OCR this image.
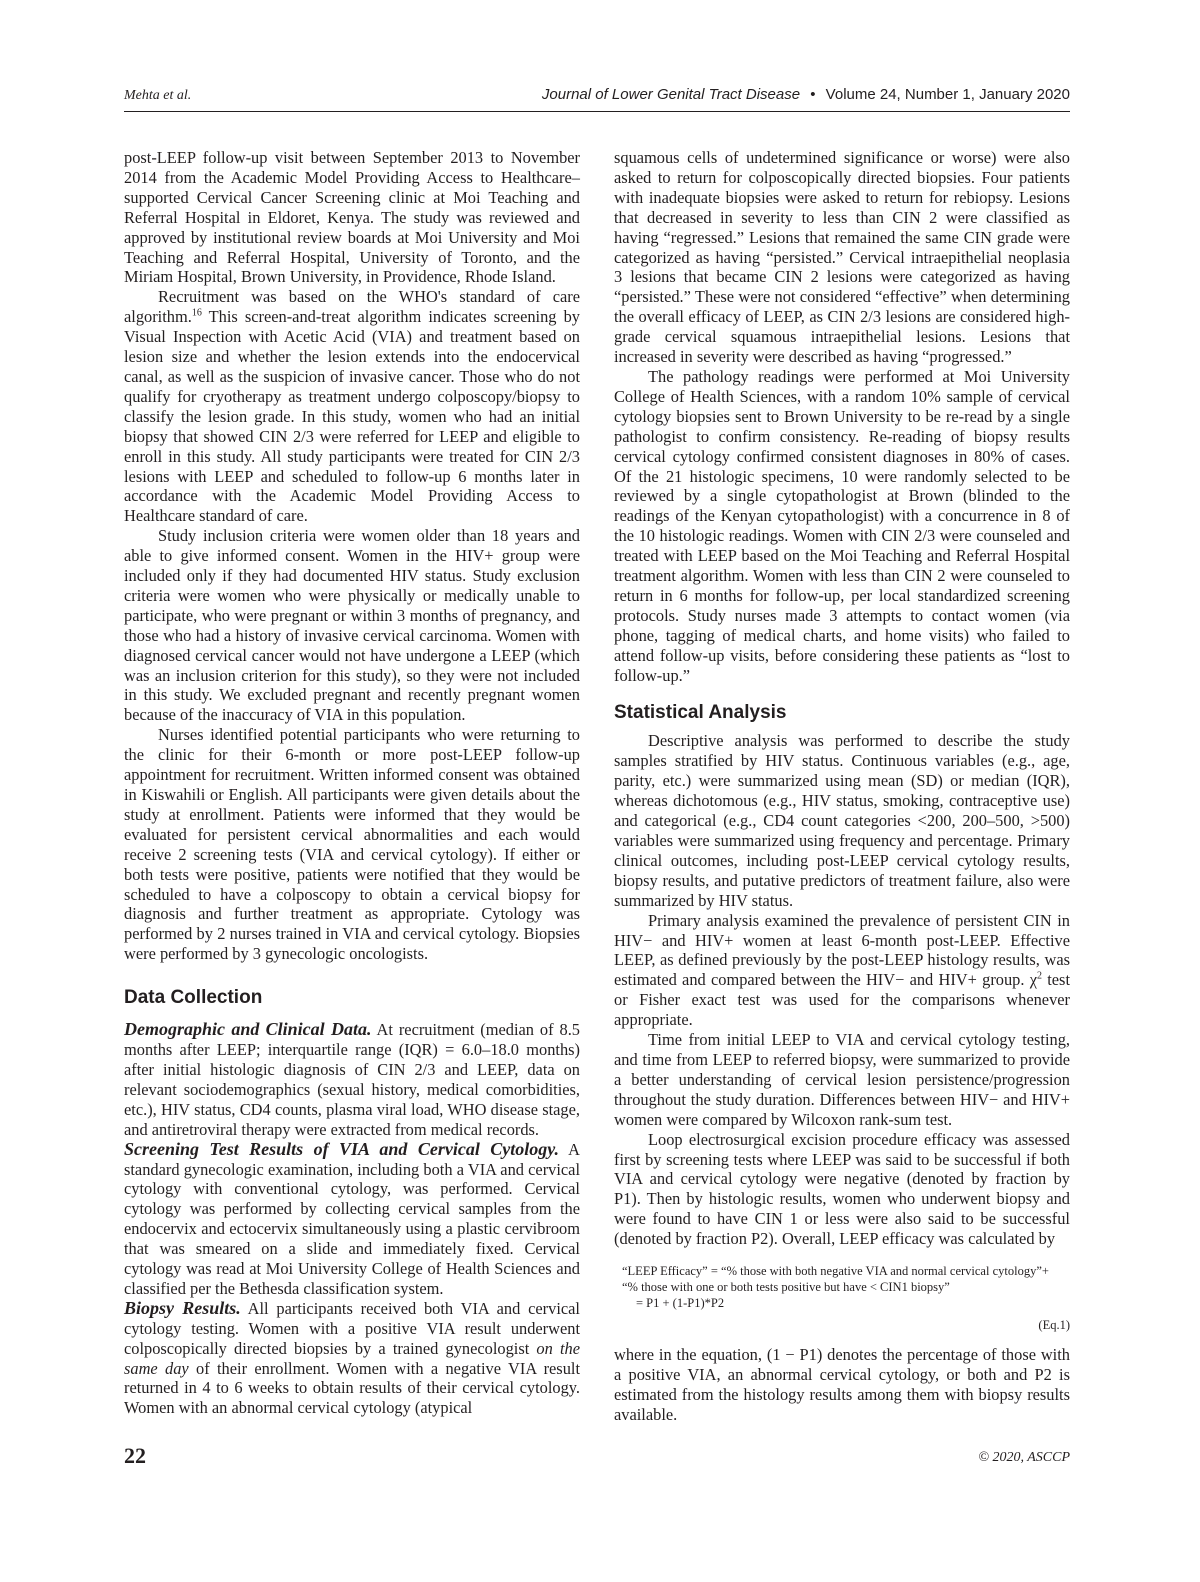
Mehta et al.	Journal of Lower Genital Tract Disease • Volume 24, Number 1, January 2020

post-LEEP follow-up visit between September 2013 to November 2014 from the Academic Model Providing Access to Healthcare–supported Cervical Cancer Screening clinic at Moi Teaching and Referral Hospital in Eldoret, Kenya. The study was reviewed and approved by institutional review boards at Moi University and Moi Teaching and Referral Hospital, University of Toronto, and the Miriam Hospital, Brown University, in Providence, Rhode Island.

Recruitment was based on the WHO's standard of care algorithm.$^{16}$ This screen-and-treat algorithm indicates screening by Visual Inspection with Acetic Acid (VIA) and treatment based on lesion size and whether the lesion extends into the endocervical canal, as well as the suspicion of invasive cancer. Those who do not qualify for cryotherapy as treatment undergo colposcopy/biopsy to classify the lesion grade. In this study, women who had an initial biopsy that showed CIN 2/3 were referred for LEEP and eligible to enroll in this study. All study participants were treated for CIN 2/3 lesions with LEEP and scheduled to follow-up 6 months later in accordance with the Academic Model Providing Access to Healthcare standard of care.

Study inclusion criteria were women older than 18 years and able to give informed consent. Women in the HIV+ group were included only if they had documented HIV status. Study exclusion criteria were women who were physically or medically unable to participate, who were pregnant or within 3 months of pregnancy, and those who had a history of invasive cervical carcinoma. Women with diagnosed cervical cancer would not have undergone a LEEP (which was an inclusion criterion for this study), so they were not included in this study. We excluded pregnant and recently pregnant women because of the inaccuracy of VIA in this population.

Nurses identified potential participants who were returning to the clinic for their 6-month or more post-LEEP follow-up appointment for recruitment. Written informed consent was obtained in Kiswahili or English. All participants were given details about the study at enrollment. Patients were informed that they would be evaluated for persistent cervical abnormalities and each would receive 2 screening tests (VIA and cervical cytology). If either or both tests were positive, patients were notified that they would be scheduled to have a colposcopy to obtain a cervical biopsy for diagnosis and further treatment as appropriate. Cytology was performed by 2 nurses trained in VIA and cervical cytology. Biopsies were performed by 3 gynecologic oncologists.

Data Collection

Demographic and Clinical Data. At recruitment (median of 8.5 months after LEEP; interquartile range (IQR) = 6.0–18.0 months) after initial histologic diagnosis of CIN 2/3 and LEEP, data on relevant sociodemographics (sexual history, medical comorbidities, etc.), HIV status, CD4 counts, plasma viral load, WHO disease stage, and antiretroviral therapy were extracted from medical records.

Screening Test Results of VIA and Cervical Cytology. A standard gynecologic examination, including both a VIA and cervical cytology with conventional cytology, was performed. Cervical cytology was performed by collecting cervical samples from the endocervix and ectocervix simultaneously using a plastic cervibroom that was smeared on a slide and immediately fixed. Cervical cytology was read at Moi University College of Health Sciences and classified per the Bethesda classification system.

Biopsy Results. All participants received both VIA and cervical cytology testing. Women with a positive VIA result underwent colposcopically directed biopsies by a trained gynecologist on the same day of their enrollment. Women with a negative VIA result returned in 4 to 6 weeks to obtain results of their cervical cytology. Women with an abnormal cervical cytology (atypical

squamous cells of undetermined significance or worse) were also asked to return for colposcopically directed biopsies. Four patients with inadequate biopsies were asked to return for rebiopsy. Lesions that decreased in severity to less than CIN 2 were classified as having “regressed.” Lesions that remained the same CIN grade were categorized as having “persisted.” Cervical intraepithelial neoplasia 3 lesions that became CIN 2 lesions were categorized as having “persisted.” These were not considered “effective” when determining the overall efficacy of LEEP, as CIN 2/3 lesions are considered high-grade cervical squamous intraepithelial lesions. Lesions that increased in severity were described as having “progressed.”

The pathology readings were performed at Moi University College of Health Sciences, with a random 10% sample of cervical cytology biopsies sent to Brown University to be re-read by a single pathologist to confirm consistency. Re-reading of biopsy results cervical cytology confirmed consistent diagnoses in 80% of cases. Of the 21 histologic specimens, 10 were randomly selected to be reviewed by a single cytopathologist at Brown (blinded to the readings of the Kenyan cytopathologist) with a concurrence in 8 of the 10 histologic readings. Women with CIN 2/3 were counseled and treated with LEEP based on the Moi Teaching and Referral Hospital treatment algorithm. Women with less than CIN 2 were counseled to return in 6 months for follow-up, per local standardized screening protocols. Study nurses made 3 attempts to contact women (via phone, tagging of medical charts, and home visits) who failed to attend follow-up visits, before considering these patients as “lost to follow-up.”

Statistical Analysis

Descriptive analysis was performed to describe the study samples stratified by HIV status. Continuous variables (e.g., age, parity, etc.) were summarized using mean (SD) or median (IQR), whereas dichotomous (e.g., HIV status, smoking, contraceptive use) and categorical (e.g., CD4 count categories <200, 200–500, >500) variables were summarized using frequency and percentage. Primary clinical outcomes, including post-LEEP cervical cytology results, biopsy results, and putative predictors of treatment failure, also were summarized by HIV status.

Primary analysis examined the prevalence of persistent CIN in HIV− and HIV+ women at least 6-month post-LEEP. Effective LEEP, as defined previously by the post-LEEP histology results, was estimated and compared between the HIV− and HIV+ group. $\chi^2$ test or Fisher exact test was used for the comparisons whenever appropriate.

Time from initial LEEP to VIA and cervical cytology testing, and time from LEEP to referred biopsy, were summarized to provide a better understanding of cervical lesion persistence/progression throughout the study duration. Differences between HIV− and HIV+ women were compared by Wilcoxon rank-sum test.

Loop electrosurgical excision procedure efficacy was assessed first by screening tests where LEEP was said to be successful if both VIA and cervical cytology were negative (denoted by fraction by P1). Then by histologic results, women who underwent biopsy and were found to have CIN 1 or less were also said to be successful (denoted by fraction P2). Overall, LEEP efficacy was calculated by

“LEEP Efficacy” = “% those with both negative VIA and normal cervical cytology”+
“% those with one or both tests positive but have < CIN1 biopsy”
= P1 + (1-P1)*P2
(Eq.1)

where in the equation, (1 − P1) denotes the percentage of those with a positive VIA, an abnormal cervical cytology, or both and P2 is estimated from the histology results among them with biopsy results available.

22	© 2020, ASCCP
